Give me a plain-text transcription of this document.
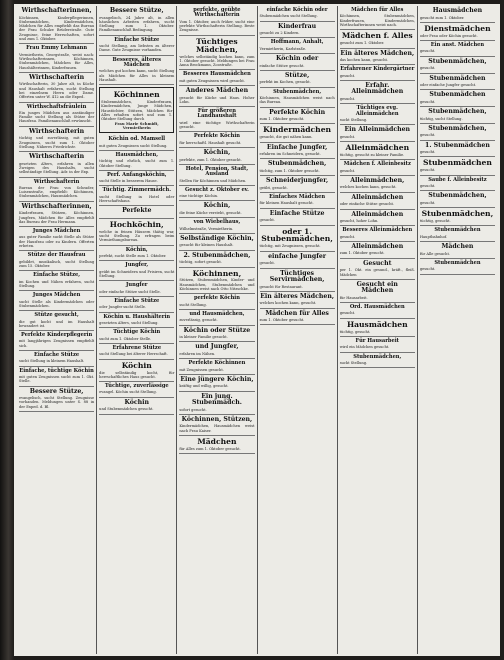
Wirthschafterinnen,
Köchinnen, Kinderpflegerinnen, Stubenmädchen, Kindermädchen, Mädchen für Alles empfiehlt das Bureau der Frau Schulze Brüderstraße. Gute Zeugnisse, feine Herrschaften, sofort und zum 1. Oktober.
Frau Emmy Lehmann
Vermietherin, Georgstraße, weist nach: Wirthschafterinnen, Köchinnen, Stubenmädchen, Mädchen für Alles, Haushälterinnen, Kinderfrauen.
Wirthschafterin
Wirthschafterin, 30 Jahre alt, in Küche und Haushalt erfahren, sucht Stellung bei einzelnem Herrn oder Dame. Offerten unter W. 412 an die Exped.
Wirthschaftsfräulein
Ein junges Mädchen aus anständiger Familie sucht Stellung als Stütze der Hausfrau. Familienanschluß erwünscht.
Wirthschafterin
tüchtig und zuverlässig, mit guten Zeugnissen, sucht zum 1. Oktober Stellung. Näheres Friedrichstr.
Wirthschafterin
gesetzten Alters, erfahren in allen Zweigen des Haushalts, sucht selbständige Stellung. Adr. in der Exp.
Wirthschafterin
Bureau der Frau von Schrader, Luisenstraße, empfiehlt: Köchinnen, Stubenmädchen, Hausmädchen.
Wirthschafterinnen,
Kinderfrauen, Stützen, Köchinnen, Jungfern, Mädchen für Alles empfiehlt das Bureau der Frau Hermann.
Junges Mädchen
aus guter Familie sucht Stelle als Stütze der Hausfrau oder zu Kindern. Offerten erbeten.
Stütze der Hausfrau
gebildet, musikalisch, sucht Stellung zum 15. Oktober.
Einfache Stütze,
im Kochen und Nähen erfahren, sucht Stellung.
Junges Mädchen
sucht Stelle als Kindermädchen oder Stubenmädchen.
Stütze gesucht,
die gut kocht und im Haushalt bewandert ist.
Perfekte Kinderpflegerin
mit langjährigen Zeugnissen empfiehlt sich.
Einfache Stütze
sucht Stellung in kleinem Haushalt.
Einfache, tüchtige Köchin
mit guten Zeugnissen sucht zum 1. Okt. Stelle.
Bessere Stütze,
evangelisch, sucht Stellung. Zeugnisse vorhanden. Meldungen unter S. 88 in der Exped. d. Bl.
Bessere Stütze,
evangelisch, 24 Jahre alt, in allen häuslichen Arbeiten erfahren, sucht Stellung zum 1. Oktober. Familienanschluß Bedingung.
Einfache Stütze
sucht Stellung, am liebsten zu älterer Dame. Gute Zeugnisse vorhanden.
Besseres, älteres Mädchen
welches gut kochen kann, sucht Stellung als Mädchen für Alles in kleinem Haushalt.
Köchinnen
Stubenmädchen, Kinderfrauen, Kindermädchen, Junge Mädchen, Haustöchter, Stützen, Mädchen für Alles erhalten sofort und zum 1. Oktober Stellung durch
Frau Marie Schmidt, Vermietherin
Köchin od. Mamsell
mit guten Zeugnissen sucht Stellung.
Hausmädchen,
tüchtig und ehrlich, sucht zum 1. Oktober Stellung.
Perf. Anfangsköchin,
sucht Stelle in besserem Hause.
Tüchtig. Zimmermädch.
sucht Stellung in Hotel oder Herrschaftshaus.
Perfekte
Hochköchin,
welche in feinen Häusern thätig war, sucht Stellung. Zu erfragen beim Vermiethungsbureau.
Köchin,
perfekt, sucht Stelle zum 1. Oktober.
Jungfer,
geübt im Schneidern und Frisiren, sucht Stellung.
Jungfer
oder einfache Stütze sucht Stelle.
Einfache Stütze
oder Jungfer sucht Stelle.
Köchin u. Haushälterin
gesetzten Alters, sucht Stellung.
Tüchtige Köchin
sucht zum 1. Oktober Stelle.
Erfahrene Stütze
sucht Stellung bei älterer Herrschaft.
Köchin
die selbständig kocht, für herrschaftliches Haus gesucht.
Tüchtige, zuverlässige
evangel. Köchin sucht Stellung.
Köchin
und Stubenmädchen gesucht.
perfekte, geübte Wirthschafterin
Vom 1. Oktober, auch früher, sucht eine perfekte Wirthschafterin Stellung. Beste Zeugnisse.
Tüchtiges Mädchen,
welches selbständig kochen kann, zum 1. Oktober gesucht. Meldungen bei Frau Anna Brockmann, Zoostraße.
Besseres Hausmädchen
mit guten Zeugnissen wird gesucht.
Anderes Mädchen
gesucht für Küche und Haus. Hoher Lohn.
Für größeren Landhaushalt
wird eine tüchtige Wirthschafterin gesucht.
Perfekte Köchin
für herrschaftl. Haushalt gesucht.
Köchin,
perfekte, zum 1. Oktober gesucht.
Hotel, Pension, Stadt, Ausland
Stellen für Köchinnen und Mädchen.
Gesucht z. Oktober ev.
eine tüchtige Köchin.
Köchin,
die feine Küche versteht, gesucht.
von Wiebelhaus,
Wilhelmstraße, Vermietherin.
Selbständige Köchin,
gesucht für kleinen Haushalt.
2. Stubenmädchen,
tüchtig, sofort gesucht.
Köchinnen,
Stützen, Stubenmädchen, Kinder- und Hausmädchen, Stubenmädchen und Köchinnen weist nach Otto Nitzschke.
perfekte Köchin
sucht Stellung.
und Hausmädchen,
zuverlässig, gesucht.
Köchin oder Stütze
in kleiner Familie gesucht.
und Jungfer,
erfahren im Nähen.
Perfekte Köchinnen
mit Zeugnissen gesucht.
Eine jüngere Köchin,
kräftig und willig, gesucht.
Ein jung. Stubenmädch.
sofort gesucht.
Köchinnen, Stützen,
Kindermädchen, Hausmädchen weist nach Frau Kaiser.
Mädchen
für Alles zum 1. Oktober gesucht.
einfache Köchin oder
Stubenmädchen sucht Stellung.
Kinderfrau
gesucht zu 2 Kindern.
Hoffmann, Anhalt,
Vermietherin, Karlstraße.
Köchin oder
einfache Stütze gesucht.
Stütze,
perfekt im Kochen, gesucht.
Stubenmädchen,
Köchinnen, Hausmädchen weist nach das Bureau.
Perfekte Köchin
zum 1. Oktober gesucht.
Kindermädchen
gesucht, die gut nähen kann.
Einfache Jungfer,
erfahren im Schneidern, gesucht.
Stubenmädchen,
tüchtig, zum 1. Oktober gesucht.
Schneiderjungfer,
geübt, gesucht.
Einfaches Mädchen
für kleinen Haushalt gesucht.
Einfache Stütze
gesucht.
oder 1. Stubenmädchen,
tüchtig, mit Zeugnissen, gesucht.
einfache Jungfer
gesucht.
Tüchtiges Servirmädchen,
gesucht für Restaurant.
Ein älteres Mädchen,
welches kochen kann, gesucht.
Mädchen für Alles
zum 1. Oktober gesucht.
Mädchen für Alles
Köchinnen, Stubenmädchen, Kinderfrauen, Kindermädchen, Wirthschafterinnen weist nach.
Mädchen f. Alles
gesucht zum 1. Oktober.
Ein älteres Mädchen,
das kochen kann, gesucht.
Erfahrener Kindergärtner
gesucht.
Erfahr. Alleinmädchen
gesucht.
Tüchtiges evg. Alleinmädchen
sucht Stellung.
Ein Alleinmädchen
gesucht.
Alleinmädchen
tüchtig, gesucht zu kleiner Familie.
Mädchen f. Alleinbesitz
gesucht.
Alleinmädchen,
welches kochen kann, gesucht.
Alleinmädchen
oder einfache Stütze gesucht.
Alleinmädchen
gesucht, hoher Lohn.
Besseres Alleinmädchen
gesucht.
Alleinmädchen
zum 1. Oktober gesucht.
Gesucht
per 1. Okt. ein gesund., kräft., fleiß. Mädchen
Gesucht ein Mädchen
für Hausarbeit.
Ord. Hausmädchen
gesucht.
Hausmädchen
tüchtig, gesucht.
Für Hausarbeit
wird ein Mädchen gesucht.
Stubenmädchen,
sucht Stellung.
Hausmädchen
gesucht zum 1. Oktober.
Dienstmädchen
oder Frau oder Köchin gesucht.
Ein anst. Mädchen
gesucht.
Stubenmädchen,
gesucht.
Stubenmädchen
oder einfache Jungfer gesucht.
Stubenmädchen
gesucht.
Stubenmädchen,
tüchtig, sucht Stellung.
Stubenmädchen,
gesucht.
1. Stubenmädchen
gesucht.
Stubenmädchen
gesucht.
Saube f. Alleinbesitz
gesucht.
Stubenmädchen,
gesucht.
Stubenmädchen,
tüchtig, gesucht.
Stubenmädchen
Hauptbahnhof.
Mädchen
für Alle gesucht.
Stubenmädchen
gesucht.
